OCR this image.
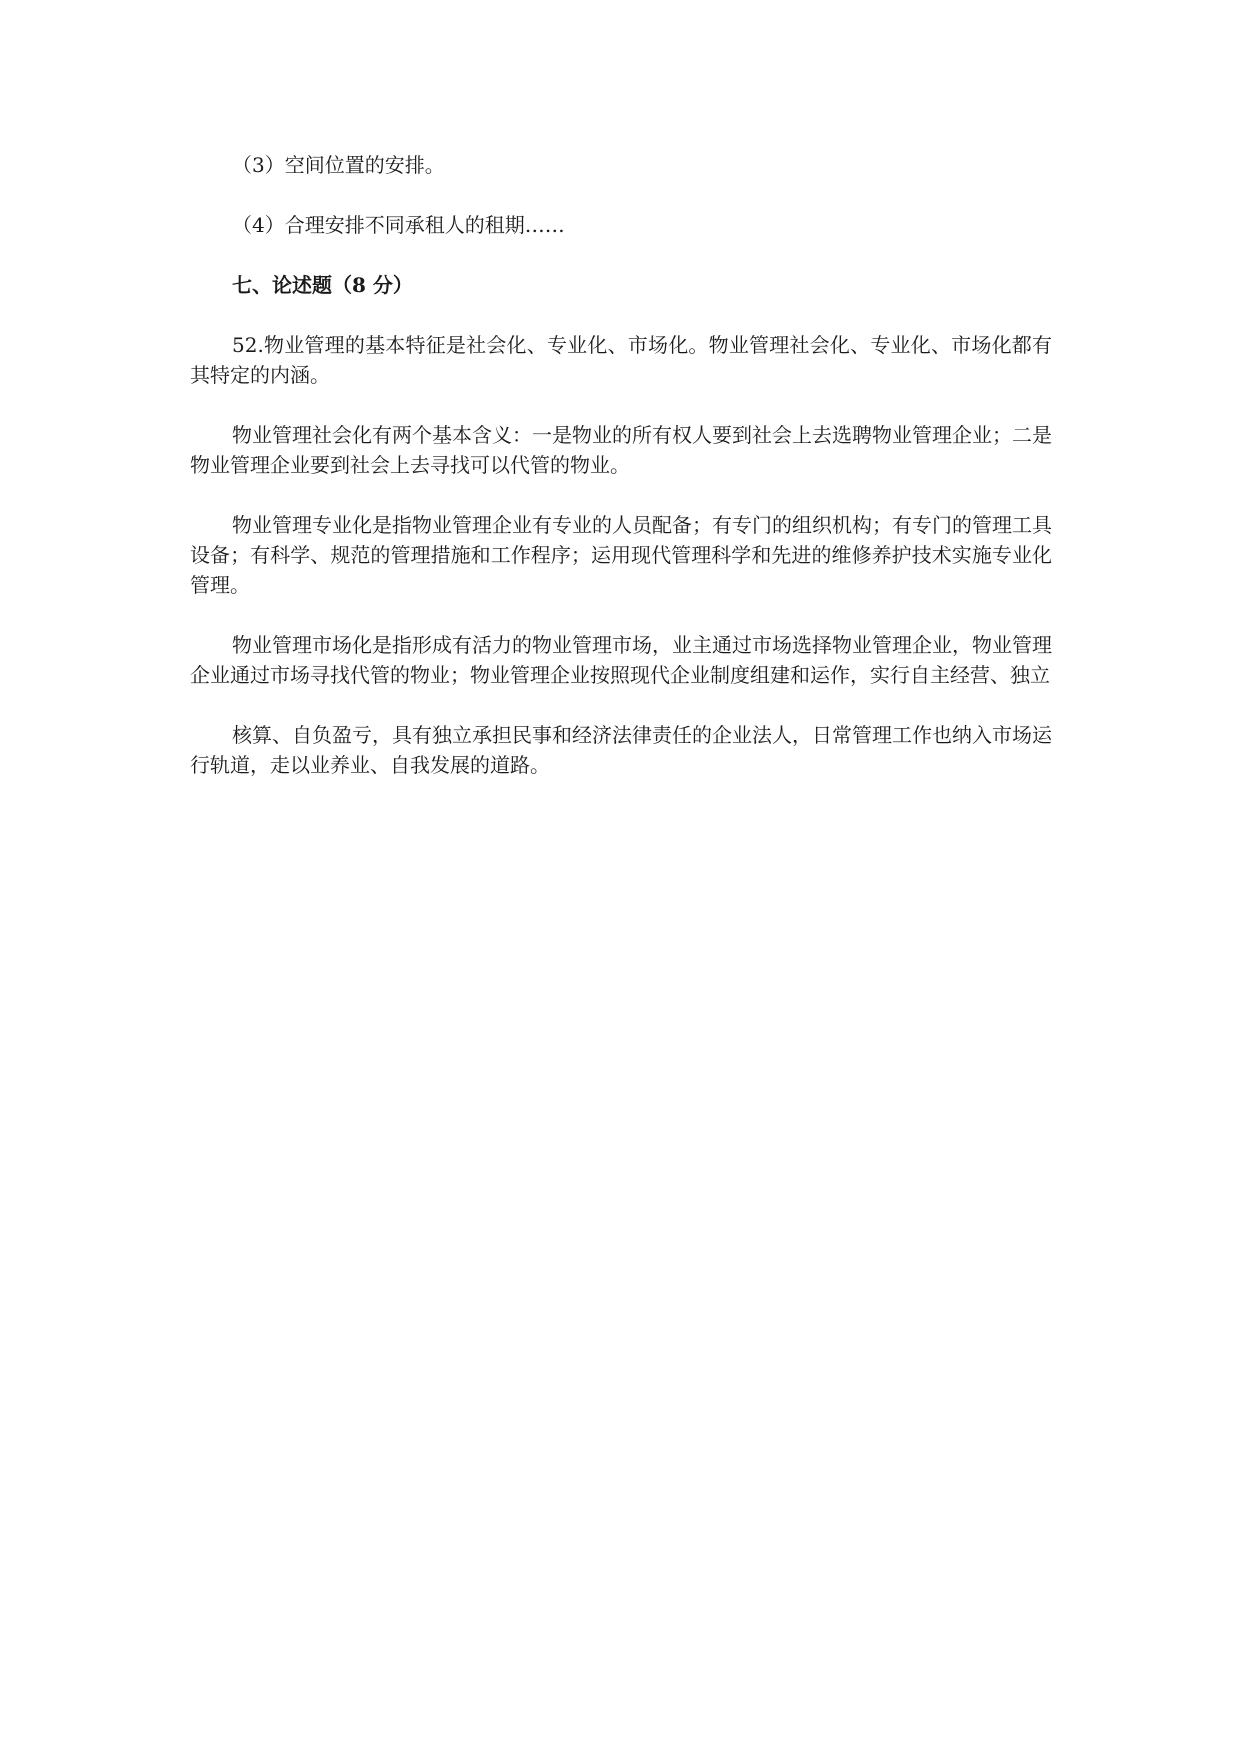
（3）空间位置的安排。

（4）合理安排不同承租人的租期……

七、论述题（8 分）

52.物业管理的基本特征是社会化、专业化、市场化。物业管理社会化、专业化、市场化都有其特定的内涵。

物业管理社会化有两个基本含义：一是物业的所有权人要到社会上去选聘物业管理企业；二是物业管理企业要到社会上去寻找可以代管的物业。

物业管理专业化是指物业管理企业有专业的人员配备；有专门的组织机构；有专门的管理工具设备；有科学、规范的管理措施和工作程序；运用现代管理科学和先进的维修养护技术实施专业化管理。

物业管理市场化是指形成有活力的物业管理市场，业主通过市场选择物业管理企业，物业管理企业通过市场寻找代管的物业；物业管理企业按照现代企业制度组建和运作，实行自主经营、独立

核算、自负盈亏，具有独立承担民事和经济法律责任的企业法人，日常管理工作也纳入市场运行轨道，走以业养业、自我发展的道路。
